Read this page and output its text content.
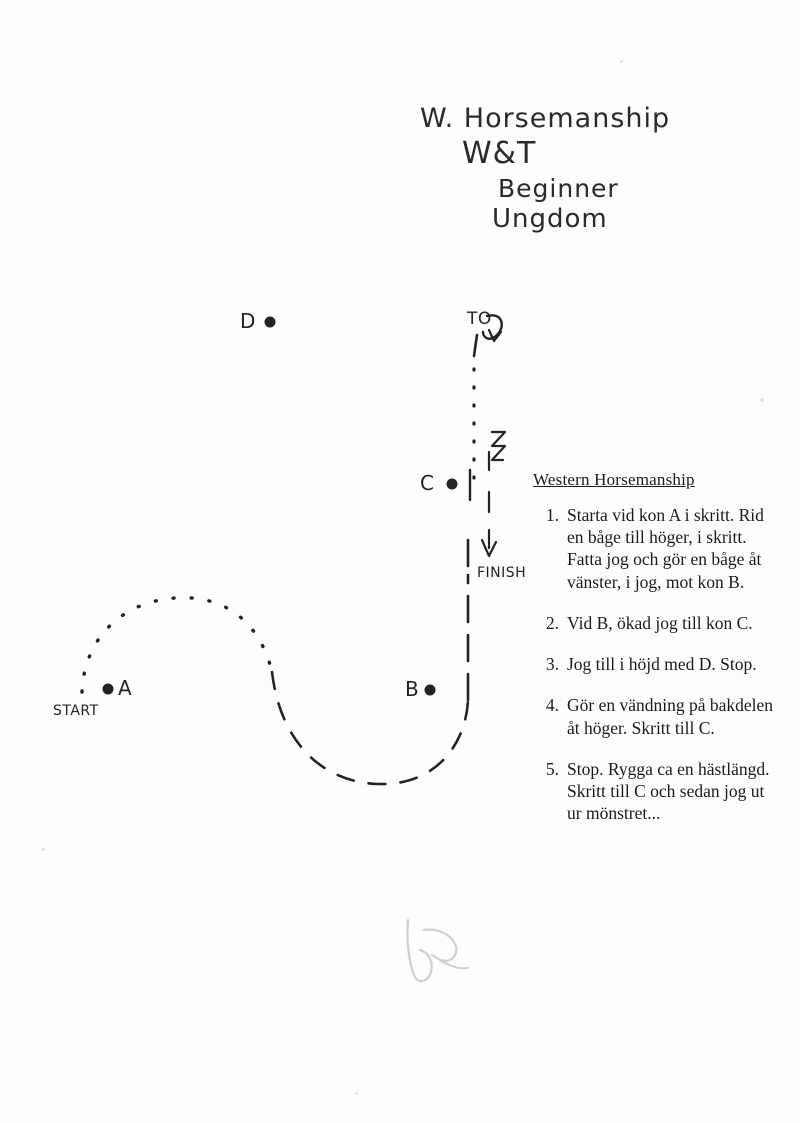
W. Horsemanship
W&T
Beginner
Ungdom
A	B
C
D
START
FINISH
TO
Western Horsemanship
1. Starta vid kon A i skritt. Rid en båge till höger, i skritt. Fatta jog och gör en båge åt vänster, i jog, mot kon B.
2. Vid B, ökad jog till kon C.
3. Jog till i höjd med D. Stop.
4. Gör en vändning på bakdelen åt höger. Skritt till C.
5. Stop. Rygga ca en hästlängd. Skritt till C och sedan jog ut ur mönstret...
